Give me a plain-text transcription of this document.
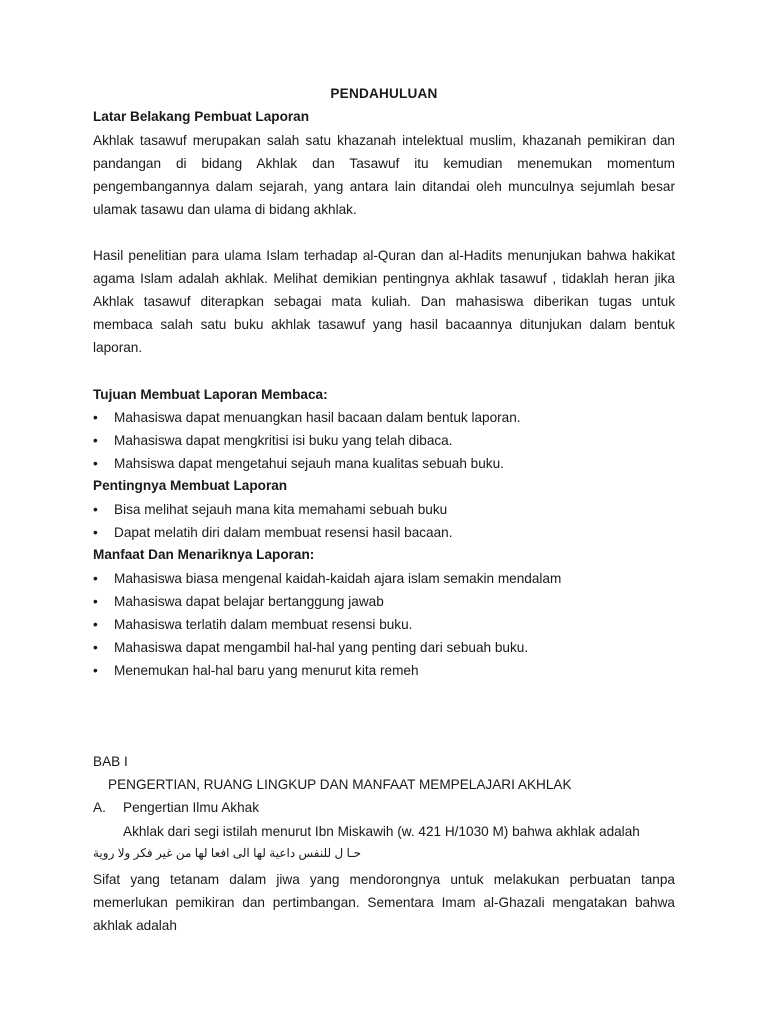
PENDAHULUAN
Latar Belakang Pembuat Laporan

Akhlak tasawuf merupakan salah satu khazanah intelektual muslim, khazanah pemikiran dan pandangan di bidang Akhlak dan Tasawuf itu kemudian menemukan momentum pengembangannya dalam sejarah, yang antara lain ditandai oleh munculnya sejumlah besar ulamak tasawu dan ulama di bidang akhlak.

Hasil penelitian para ulama Islam terhadap al-Quran dan al-Hadits menunjukan bahwa hakikat agama Islam adalah akhlak. Melihat demikian pentingnya akhlak tasawuf , tidaklah heran jika Akhlak tasawuf diterapkan sebagai mata kuliah. Dan mahasiswa diberikan tugas untuk membaca salah satu buku akhlak tasawuf yang hasil bacaannya ditunjukan dalam bentuk laporan.

Tujuan Membuat Laporan Membaca:
•	Mahasiswa dapat menuangkan hasil bacaan dalam bentuk laporan.
•	Mahasiswa dapat mengkritisi isi buku yang telah dibaca.
•	Mahsiswa dapat mengetahui sejauh mana kualitas sebuah buku.
Pentingnya Membuat Laporan
•	Bisa melihat sejauh mana kita memahami sebuah buku
•	Dapat melatih diri dalam membuat resensi hasil bacaan.
Manfaat Dan Menariknya Laporan:
•	Mahasiswa biasa mengenal kaidah-kaidah ajara islam semakin mendalam
•	Mahasiswa dapat belajar bertanggung jawab
•	Mahasiswa terlatih dalam membuat resensi buku.
•	Mahasiswa dapat mengambil hal-hal yang penting dari sebuah buku.
•	Menemukan hal-hal baru yang menurut kita remeh
BAB I
PENGERTIAN, RUANG LINGKUP DAN MANFAAT MEMPELAJARI AKHLAK
A. Pengertian Ilmu Akhak
Akhlak dari segi istilah menurut Ibn Miskawih (w. 421 H/1030 M) bahwa akhlak adalah
حـا ل للنفس داعية لها الى افعا لها من غير فكر ولا روية

Sifat yang tetanam dalam jiwa yang mendorongnya untuk melakukan perbuatan tanpa memerlukan pemikiran dan pertimbangan. Sementara Imam al-Ghazali mengatakan bahwa akhlak adalah
